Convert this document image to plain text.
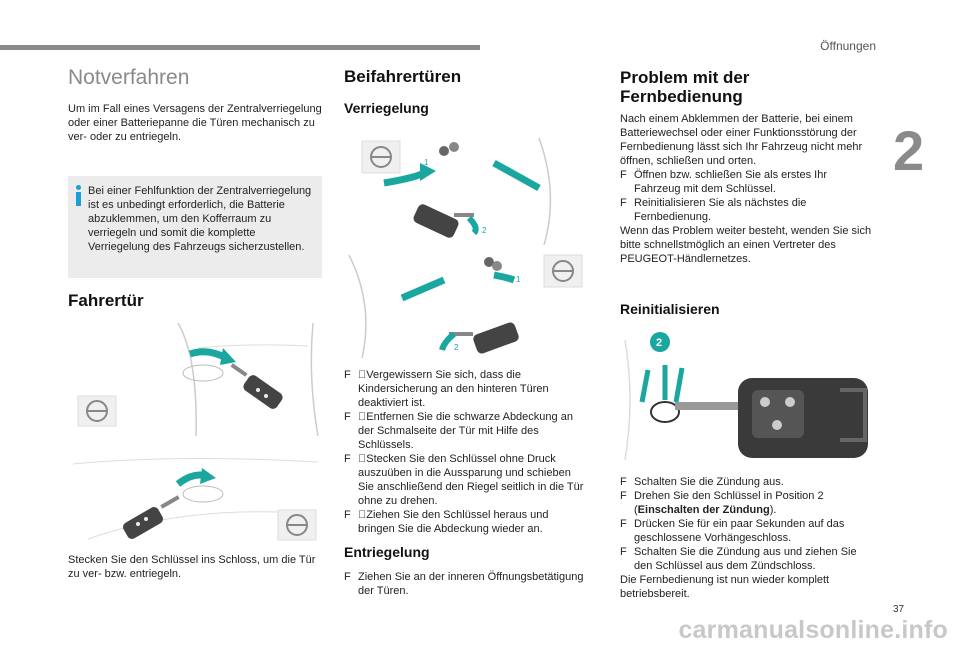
Öffnungen
2
Notverfahren

Um im Fall eines Versagens der Zentralverriegelung oder einer Batteriepanne die Türen mechanisch zu ver- oder zu entriegeln.

Bei einer Fehlfunktion der Zentralverriegelung ist es unbedingt erforderlich, die Batterie abzuklemmen, um den Kofferraum zu verriegeln und somit die komplette Verriegelung des Fahrzeugs sicherzustellen.

Fahrertür

Stecken Sie den Schlüssel ins Schloss, um die Tür zu ver- bzw. entriegeln.

Beifahrertüren
Verriegelung
1
2
1
2
F Vergewissern Sie sich, dass die Kindersicherung an den hinteren Türen deaktiviert ist.
F Entfernen Sie die schwarze Abdeckung an der Schmalseite der Tür mit Hilfe des Schlüssels.
F Stecken Sie den Schlüssel ohne Druck auszuüben in die Aussparung und schieben Sie anschließend den Riegel seitlich in die Tür ohne zu drehen.
F Ziehen Sie den Schlüssel heraus und bringen Sie die Abdeckung wieder an.
Entriegelung
F Ziehen Sie an der inneren Öffnungsbetätigung der Türen.
Problem mit der
Fernbedienung

Nach einem Abklemmen der Batterie, bei einem Batteriewechsel oder einer Funktionsstörung der Fernbedienung lässt sich Ihr Fahrzeug nicht mehr öffnen, schließen und orten.

F Öffnen bzw. schließen Sie als erstes Ihr Fahrzeug mit dem Schlüssel.
F Reinitialisieren Sie als nächstes die Fernbedienung.

Wenn das Problem weiter besteht, wenden Sie sich bitte schnellstmöglich an einen Vertreter des PEUGEOT-Händlernetzes.

Reinitialisieren
2
F Schalten Sie die Zündung aus.
F Drehen Sie den Schlüssel in Position 2 (Einschalten der Zündung).
F Drücken Sie für ein paar Sekunden auf das geschlossene Vorhängeschloss.
F Schalten Sie die Zündung aus und ziehen Sie den Schlüssel aus dem Zündschloss.

Die Fernbedienung ist nun wieder komplett betriebsbereit.

37
carmanualsonline.info
